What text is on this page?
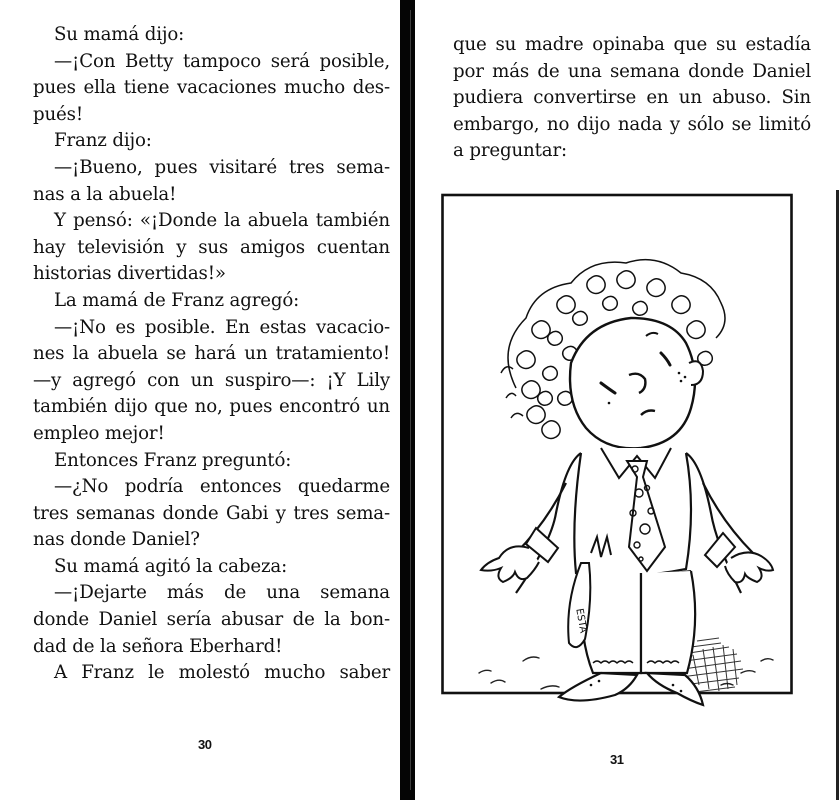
Su mamá dijo:
—¡Con Betty tampoco será posible,
pues ella tiene vacaciones mucho des-
pués!
Franz dijo:
—¡Bueno, pues visitaré tres sema-
nas a la abuela!
Y pensó: «¡Donde la abuela también
hay televisión y sus amigos cuentan
historias divertidas!»
La mamá de Franz agregó:
—¡No es posible. En estas vacacio-
nes la abuela se hará un tratamiento!
—y agregó con un suspiro—: ¡Y Lily
también dijo que no, pues encontró un
empleo mejor!
Entonces Franz preguntó:
—¿No podría entonces quedarme
tres semanas donde Gabi y tres sema-
nas donde Daniel?
Su mamá agitó la cabeza:
—¡Dejarte más de una semana
donde Daniel sería abusar de la bon-
dad de la señora Eberhard!
A Franz le molestó mucho saber
30
que su madre opinaba que su estadía
por más de una semana donde Daniel
pudiera convertirse en un abuso. Sin
embargo, no dijo nada y sólo se limitó
a preguntar:
ESTA
31
